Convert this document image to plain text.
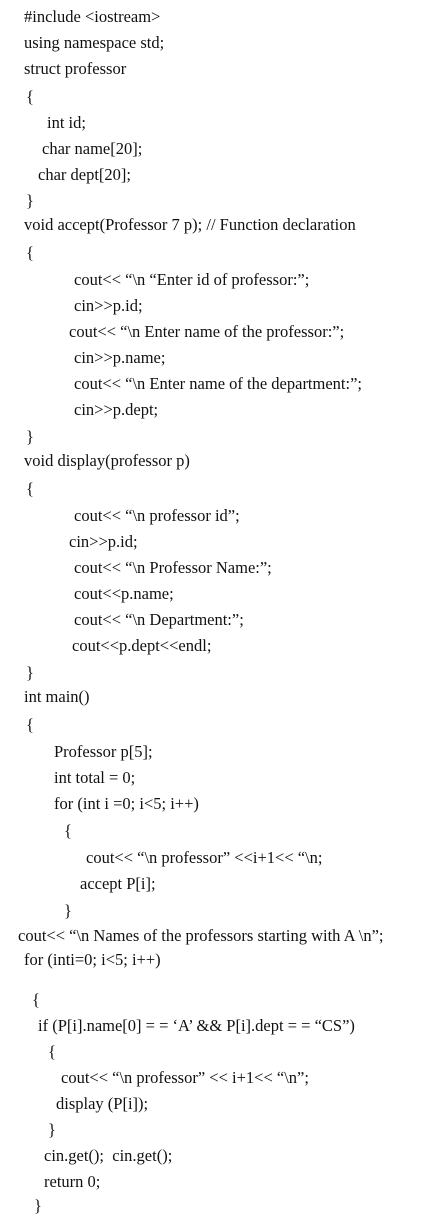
#include <iostream>
using namespace std;
struct professor
{
int id;
char name[20];
char dept[20];
}
void accept(Professor 7 p); // Function declaration
{
cout<< “\n “Enter id of professor:”;
cin>>p.id;
cout<< “\n Enter name of the professor:”;
cin>>p.name;
cout<< “\n Enter name of the department:”;
cin>>p.dept;
}
void display(professor p)
{
cout<< “\n professor id”;
cin>>p.id;
cout<< “\n Professor Name:”;
cout<<p.name;
cout<< “\n Department:”;
cout<<p.dept<<endl;
}
int main()
{
Professor p[5];
int total = 0;
for (int i =0; i<5; i++)
{
cout<< “\n professor” <<i+1<< “\n;
accept P[i];
}
cout<< “\n Names of the professors starting with A \n”;
for (inti=0; i<5; i++)
{
if (P[i].name[0] = = ‘A’ && P[i].dept = = “CS”)
{
cout<< “\n professor” << i+1<< “\n”;
display (P[i]);
}
cin.get();  cin.get();
return 0;
}
